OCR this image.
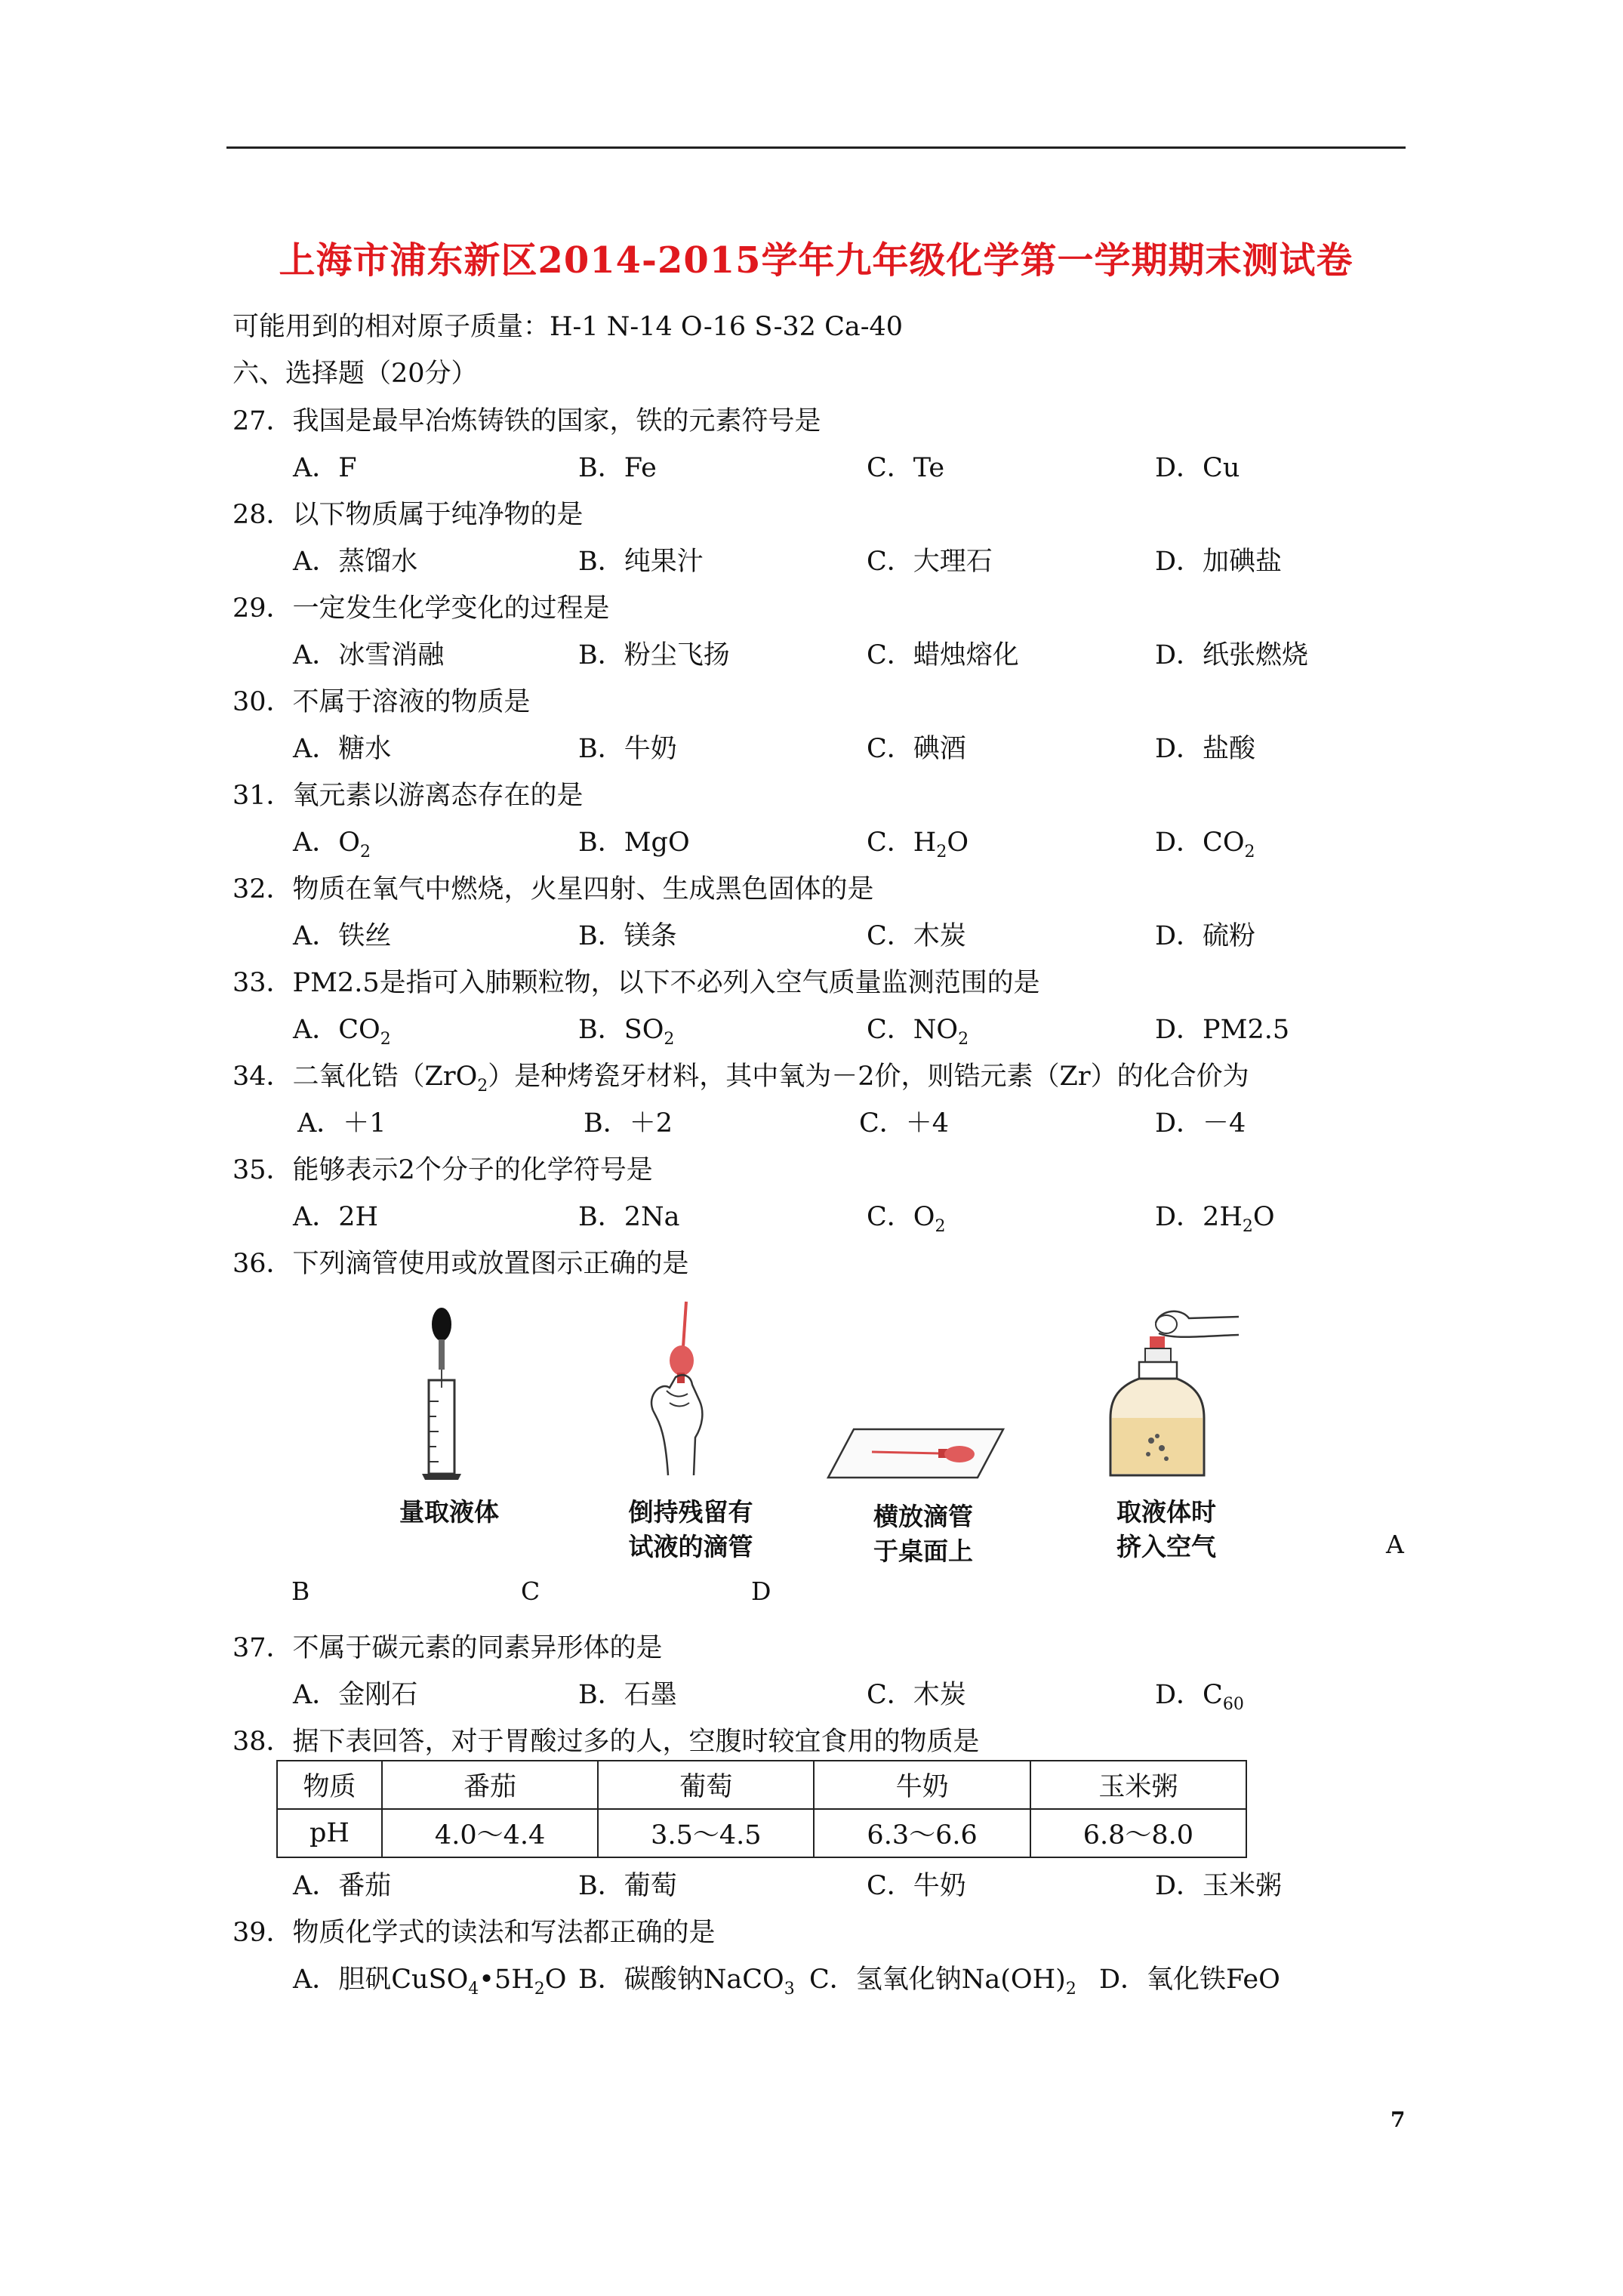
上海市浦东新区2014-2015学年九年级化学第一学期期末测试卷
可能用到的相对原子质量：H-1 N-14 O-16 S-32 Ca-40
六、选择题（20分）
27．我国是最早冶炼铸铁的国家，铁的元素符号是
A．F	B．Fe	C．Te	D．Cu
28．以下物质属于纯净物的是
A．蒸馏水	B．纯果汁	C．大理石	D．加碘盐
29．一定发生化学变化的过程是
A．冰雪消融	B．粉尘飞扬	C．蜡烛熔化	D．纸张燃烧
30．不属于溶液的物质是
A．糖水	B．牛奶	C．碘酒	D．盐酸
31．氧元素以游离态存在的是
A．$O_2$	B．MgO	C．$H_2O$	D．$CO_2$
32．物质在氧气中燃烧，火星四射、生成黑色固体的是
A．铁丝	B．镁条	C．木炭	D．硫粉
33．PM2.5是指可入肺颗粒物，以下不必列入空气质量监测范围的是
A．$CO_2$	B．$SO_2$	C．$NO_2$	D．PM2.5
34．二氧化锆（ZrO$_2$）是种烤瓷牙材料，其中氧为－2价，则锆元素（Zr）的化合价为
A．＋1	B．＋2	C．＋4	D．－4
35．能够表示2个分子的化学符号是
A．2H	B．2Na	C．$O_2$	D．$2H_2O$
36．下列滴管使用或放置图示正确的是
量取液体	倒持残留有
试液的滴管
横放滴管
于桌面上
取液体时
挤入空气	A
B	C	D
37．不属于碳元素的同素异形体的是
A．金刚石	B．石墨	C．木炭	D．$C_{60}$
38．据下表回答，对于胃酸过多的人，空腹时较宜食用的物质是
物质	番茄	葡萄	牛奶	玉米粥
pH	4.0～4.4	3.5～4.5	6.3～6.6	6.8～8.0
A．番茄	B．葡萄	C．牛奶	D．玉米粥
39．物质化学式的读法和写法都正确的是
A．胆矾$CuSO_4•5H_2O$ B．碳酸钠NaCO$_3$ C．氢氧化钠$Na(OH)_2$ D．氧化铁FeO
7
